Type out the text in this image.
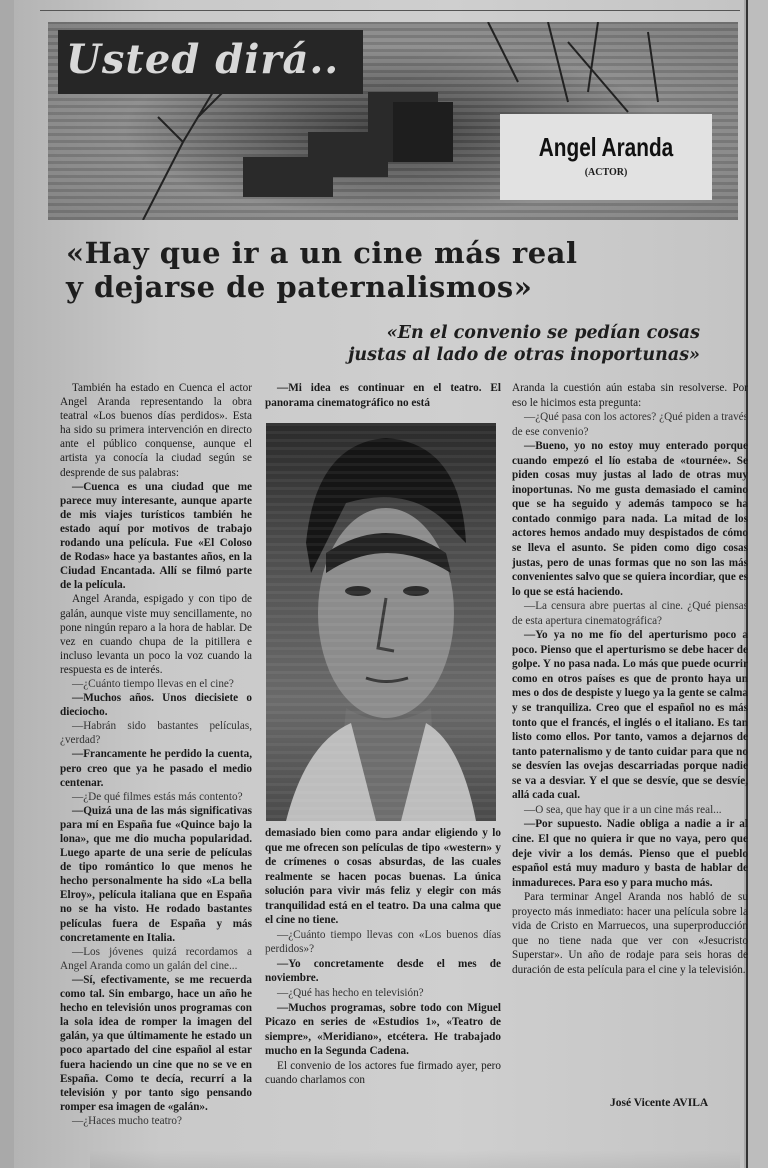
Usted dirá..
Angel Aranda
(ACTOR)
«Hay que ir a un cine más real
y dejarse de paternalismos»
«En el convenio se pedían cosas
justas al lado de otras inoportunas»

También ha estado en Cuenca el actor Angel Aranda representando la obra teatral «Los buenos días perdidos». Esta ha sido su primera intervención en directo ante el público conquense, aunque el artista ya conocía la ciudad según se desprende de sus palabras:

—Cuenca es una ciudad que me parece muy interesante, aunque aparte de mis viajes turísticos también he estado aquí por motivos de trabajo rodando una película. Fue «El Coloso de Rodas» hace ya bastantes años, en la Ciudad Encantada. Allí se filmó parte de la película.

Angel Aranda, espigado y con tipo de galán, aunque viste muy sencillamente, no pone ningún reparo a la hora de hablar. De vez en cuando chupa de la pitillera e incluso levanta un poco la voz cuando la respuesta es de interés.

—¿Cuánto tiempo llevas en el cine?

—Muchos años. Unos diecisiete o dieciocho.

—Habrán sido bastantes películas, ¿verdad?

—Francamente he perdido la cuenta, pero creo que ya he pasado el medio centenar.

—¿De qué filmes estás más contento?

—Quizá una de las más significativas para mí en España fue «Quince bajo la lona», que me dio mucha popularidad. Luego aparte de una serie de películas de tipo romántico lo que menos he hecho personalmente ha sido «La bella Elroy», película italiana que en España no se ha visto. He rodado bastantes películas fuera de España y más concretamente en Italia.

—Los jóvenes quizá recordamos a Angel Aranda como un galán del cine...

—Sí, efectivamente, se me recuerda como tal. Sin embargo, hace un año he hecho en televisión unos programas con la sola idea de romper la imagen del galán, ya que últimamente he estado un poco apartado del cine español al estar fuera haciendo un cine que no se ve en España. Como te decía, recurrí a la televisión y por tanto sigo pensando romper esa imagen de «galán».

—¿Haces mucho teatro?

—Mi idea es continuar en el teatro. El panorama cinematográfico no está

demasiado bien como para andar eligiendo y lo que me ofrecen son películas de tipo «western» y de crímenes o cosas absurdas, de las cuales realmente se hacen pocas buenas. La única solución para vivir más feliz y elegir con más tranquilidad está en el teatro. Da una calma que el cine no tiene.

—¿Cuánto tiempo llevas con «Los buenos días perdidos»?

—Yo concretamente desde el mes de noviembre.

—¿Qué has hecho en televisión?

—Muchos programas, sobre todo con Miguel Picazo en series de «Estudios 1», «Teatro de siempre», «Meridiano», etcétera. He trabajado mucho en la Segunda Cadena.

El convenio de los actores fue firmado ayer, pero cuando charlamos con

Aranda la cuestión aún estaba sin resolverse. Por eso le hicimos esta pregunta:

—¿Qué pasa con los actores? ¿Qué piden a través de ese convenio?

—Bueno, yo no estoy muy enterado porque cuando empezó el lío estaba de «tournée». Se piden cosas muy justas al lado de otras muy inoportunas. No me gusta demasiado el camino que se ha seguido y además tampoco se ha contado conmigo para nada. La mitad de los actores hemos andado muy despistados de cómo se lleva el asunto. Se piden como digo cosas justas, pero de unas formas que no son las más convenientes salvo que se quiera incordiar, que es lo que se está haciendo.

—La censura abre puertas al cine. ¿Qué piensas de esta apertura cinematográfica?

—Yo ya no me fío del aperturismo poco a poco. Pienso que el aperturismo se debe hacer de golpe. Y no pasa nada. Lo más que puede ocurrir como en otros países es que de pronto haya un mes o dos de despiste y luego ya la gente se calma y se tranquiliza. Creo que el español no es más tonto que el francés, el inglés o el italiano. Es tan listo como ellos. Por tanto, vamos a dejarnos de tanto paternalismo y de tanto cuidar para que no se desvíen las ovejas descarriadas porque nadie se va a desviar. Y el que se desvíe, que se desvíe, allá cada cual.

—O sea, que hay que ir a un cine más real...

—Por supuesto. Nadie obliga a nadie a ir al cine. El que no quiera ir que no vaya, pero que deje vivir a los demás. Pienso que el pueblo español está muy maduro y basta de hablar de inmadureces. Para eso y para mucho más.

Para terminar Angel Aranda nos habló de su proyecto más inmediato: hacer una película sobre la vida de Cristo en Marruecos, una superproducción que no tiene nada que ver con «Jesucristo Superstar». Un año de rodaje para seis horas de duración de esta película para el cine y la televisión.

José Vicente AVILA
